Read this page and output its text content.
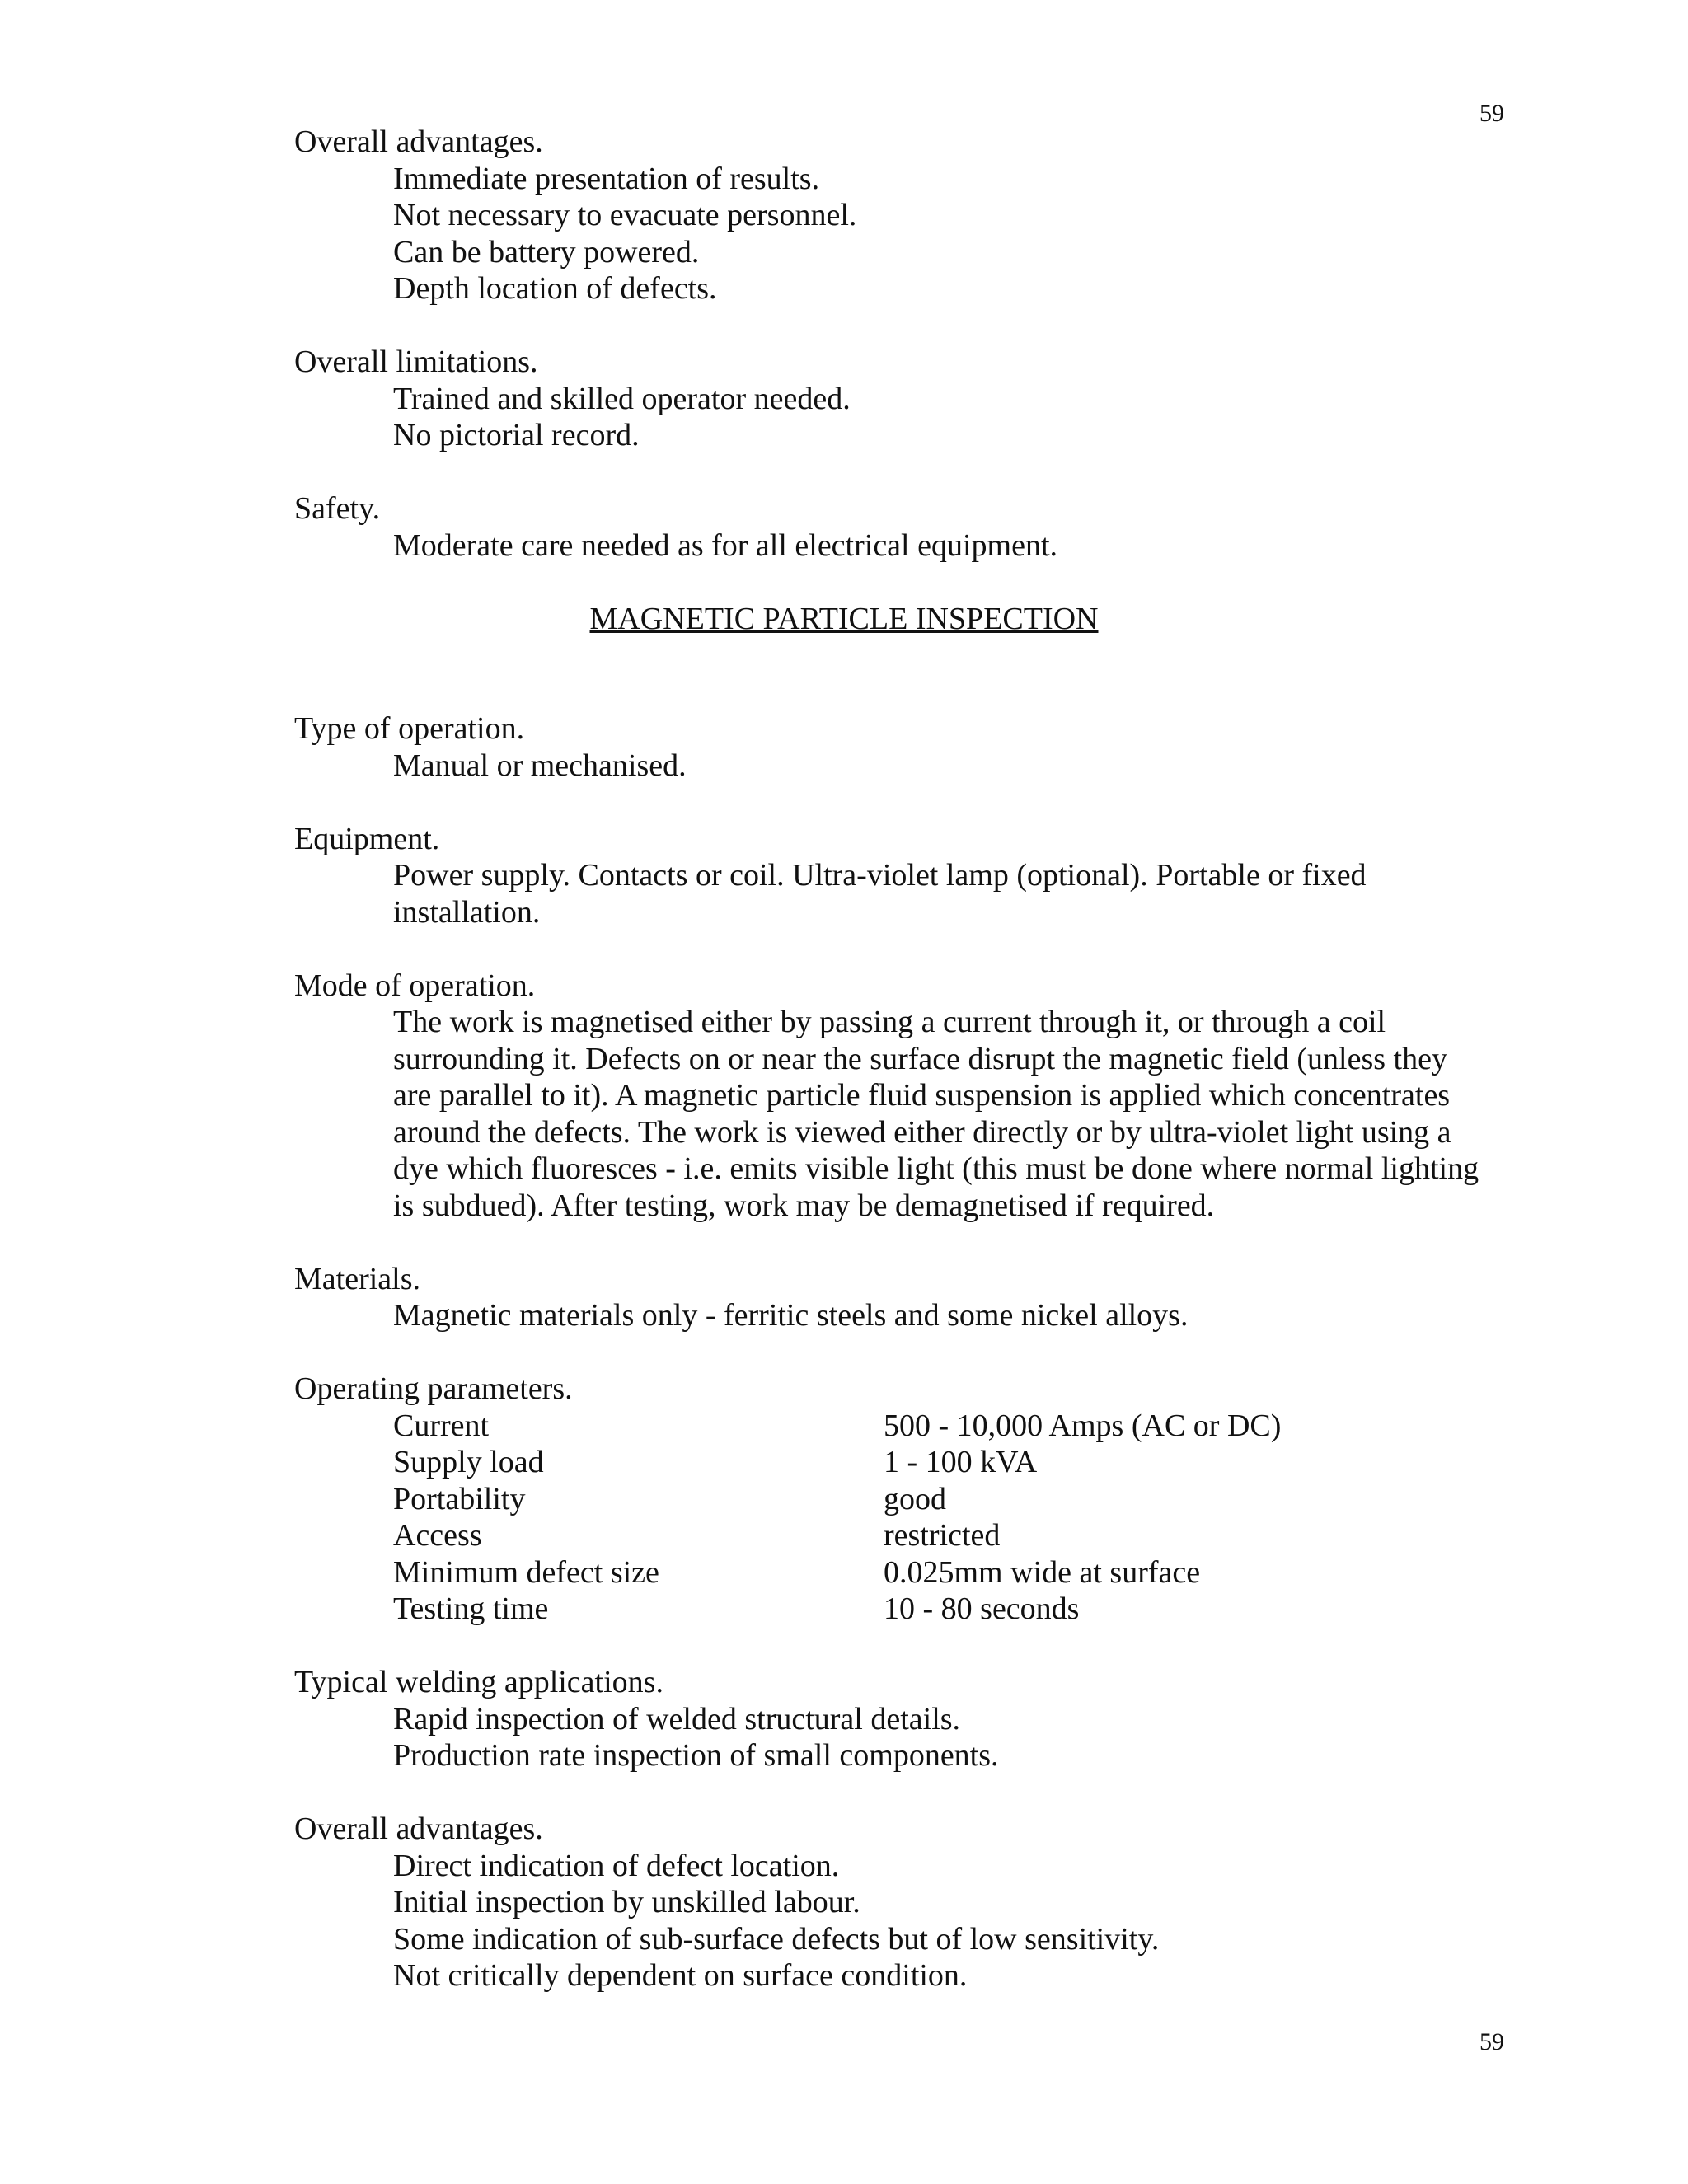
59

Overall advantages.

Immediate presentation of results.
Not necessary to evacuate personnel.
Can be battery powered.
Depth location of defects.

Overall limitations.

Trained and skilled operator needed.
No pictorial record.

Safety.

Moderate care needed as for all electrical equipment.
MAGNETIC PARTICLE INSPECTION

Type of operation.

Manual or mechanised.

Equipment.

Power supply. Contacts or coil. Ultra-violet lamp (optional). Portable or fixed
installation.

Mode of operation.

The work is magnetised either by passing a current through it, or through a coil
surrounding it. Defects on or near the surface disrupt the magnetic field (unless they
are parallel to it). A magnetic particle fluid suspension is applied which concentrates
around the defects. The work is viewed either directly or by ultra-violet light using a
dye which fluoresces - i.e. emits visible light (this must be done where normal lighting
is subdued). After testing, work may be demagnetised if required.

Materials.

Magnetic materials only - ferritic steels and some nickel alloys.

Operating parameters.

Current	500 - 10,000 Amps (AC or DC)
Supply load	1 - 100 kVA
Portability	good
Access	restricted
Minimum defect size	0.025mm wide at surface
Testing time	10 - 80 seconds

Typical welding applications.

Rapid inspection of welded structural details.
Production rate inspection of small components.

Overall advantages.

Direct indication of defect location.
Initial inspection by unskilled labour.
Some indication of sub-surface defects but of low sensitivity.
Not critically dependent on surface condition.
59
